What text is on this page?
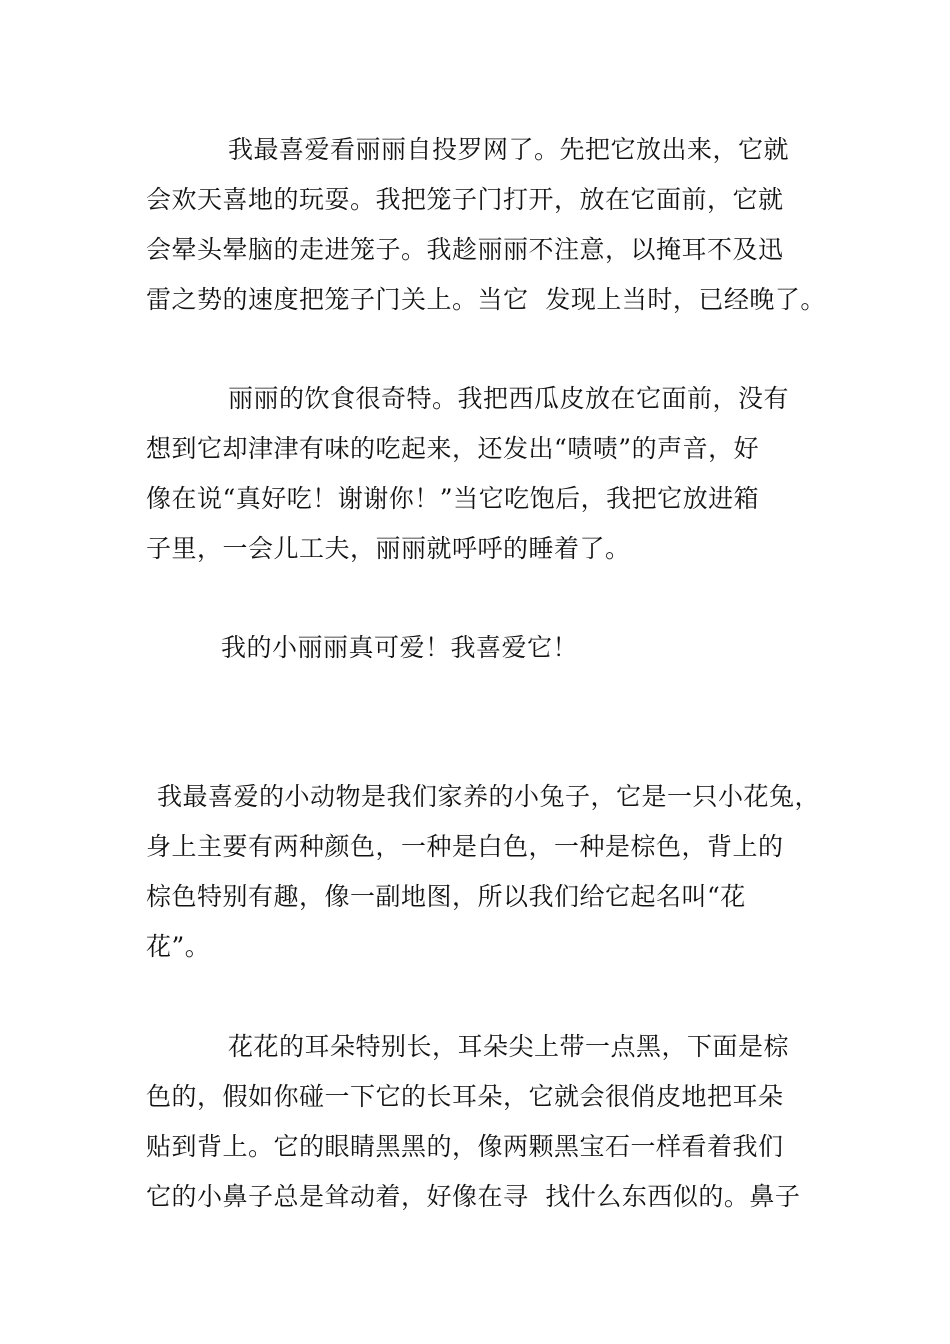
我最喜爱看丽丽自投罗网了。先把它放出来，它就
会欢天喜地的玩耍。我把笼子门打开，放在它面前，它就
会晕头晕脑的走进笼子。我趁丽丽不注意，以掩耳不及迅
雷之势的速度把笼子门关上。当它  发现上当时，已经晚了。
丽丽的饮食很奇特。我把西瓜皮放在它面前，没有
想到它却津津有味的吃起来，还发出“啧啧”的声音，好
像在说“真好吃！谢谢你！”当它吃饱后，我把它放进箱
子里，一会儿工夫，丽丽就呼呼的睡着了。
我的小丽丽真可爱！我喜爱它！
我最喜爱的小动物是我们家养的小兔子，它是一只小花兔，
身上主要有两种颜色，一种是白色，一种是棕色，背上的
棕色特别有趣，像一副地图，所以我们给它起名叫“花
花”。
花花的耳朵特别长，耳朵尖上带一点黑，下面是棕
色的，假如你碰一下它的长耳朵，它就会很俏皮地把耳朵
贴到背上。它的眼睛黑黑的，像两颗黑宝石一样看着我们
它的小鼻子总是耸动着，好像在寻  找什么东西似的。鼻子
